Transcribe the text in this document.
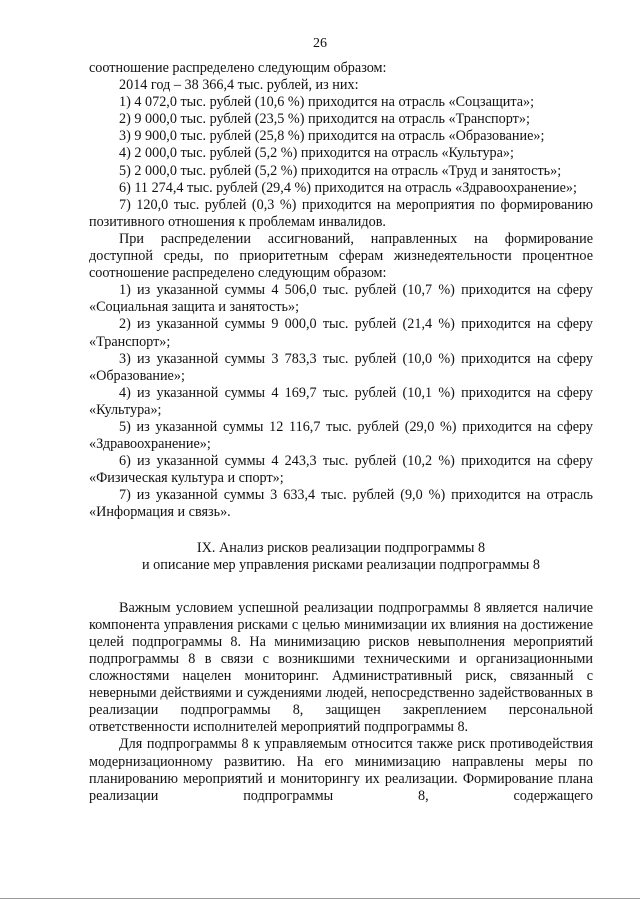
26

соотношение распределено следующим образом:

2014 год – 38 366,4 тыс. рублей, из них:

1) 4 072,0 тыс. рублей (10,6 %) приходится на отрасль «Соцзащита»;

2) 9 000,0 тыс. рублей (23,5 %) приходится на отрасль «Транспорт»;

3) 9 900,0 тыс. рублей (25,8 %) приходится на отрасль «Образование»;

4) 2 000,0 тыс. рублей (5,2 %) приходится на отрасль «Культура»;

5) 2 000,0 тыс. рублей (5,2 %) приходится на отрасль «Труд и занятость»;

6) 11 274,4 тыс. рублей (29,4 %) приходится на отрасль «Здравоохранение»;

7) 120,0 тыс. рублей (0,3 %) приходится на мероприятия по формированию позитивного отношения к проблемам инвалидов.

При распределении ассигнований, направленных на формирование доступной среды, по приоритетным сферам жизнедеятельности процентное соотношение распределено следующим образом:

1) из указанной суммы 4 506,0 тыс. рублей (10,7 %) приходится на сферу «Социальная защита и занятость»;

2) из указанной суммы 9 000,0 тыс. рублей (21,4 %) приходится на сферу «Транспорт»;

3) из указанной суммы 3 783,3 тыс. рублей (10,0 %) приходится на сферу «Образование»;

4) из указанной суммы 4 169,7 тыс. рублей (10,1 %) приходится на сферу «Культура»;

5) из указанной суммы 12 116,7 тыс. рублей (29,0 %) приходится на сферу «Здравоохранение»;

6) из указанной суммы 4 243,3 тыс. рублей (10,2 %) приходится на сферу «Физическая культура и спорт»;

7) из указанной суммы 3 633,4 тыс. рублей (9,0 %) приходится на отрасль «Информация и связь».

IX. Анализ рисков реализации подпрограммы 8
и описание мер управления рисками реализации подпрограммы 8

Важным условием успешной реализации подпрограммы 8 является наличие компонента управления рисками с целью минимизации их влияния на достижение целей подпрограммы 8. На минимизацию рисков невыполнения мероприятий подпрограммы 8 в связи с возникшими техническими и организационными сложностями нацелен мониторинг. Административный риск, связанный с неверными действиями и суждениями людей, непосредственно задействованных в реализации подпрограммы 8, защищен закреплением персональной ответственности исполнителей мероприятий подпрограммы 8.

Для подпрограммы 8 к управляемым относится также риск противодействия модернизационному развитию. На его минимизацию направлены меры по планированию мероприятий и мониторингу их реализации. Формирование плана реализации подпрограммы 8, содержащего
